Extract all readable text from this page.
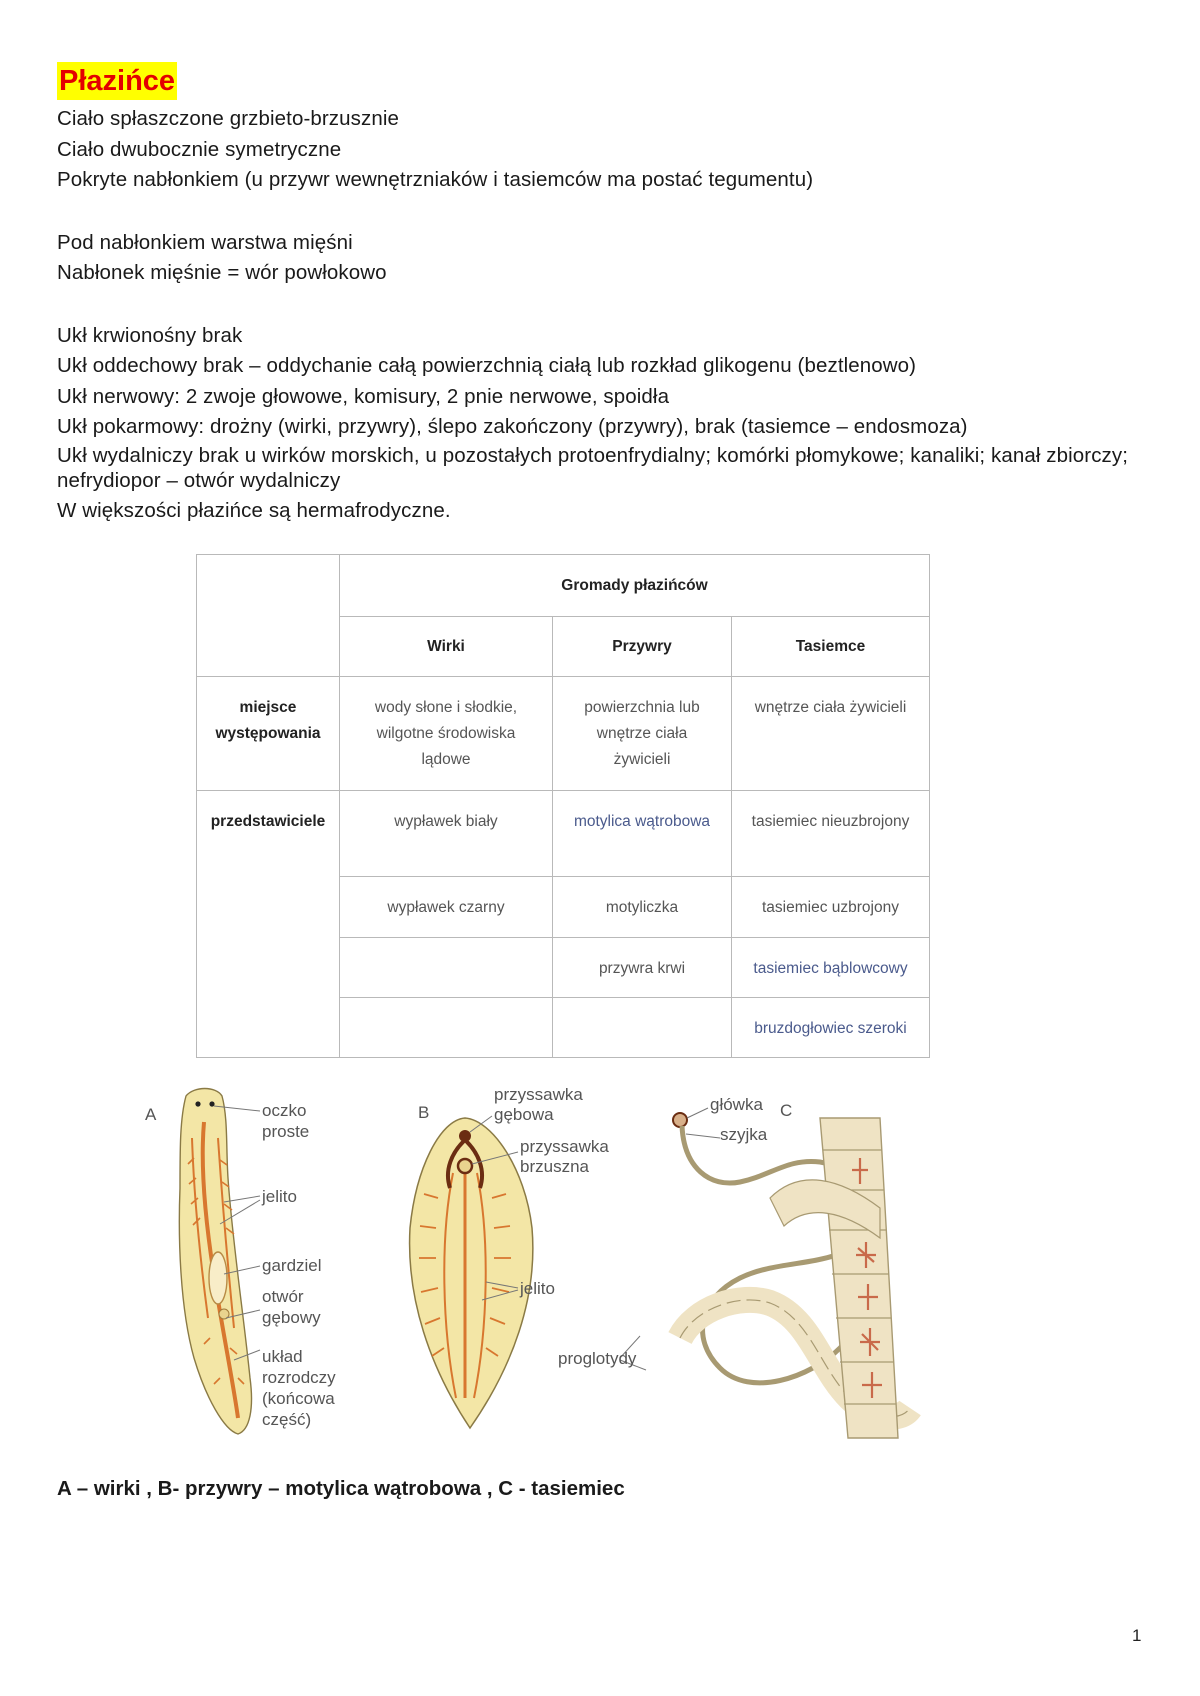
Płazińce

Ciało spłaszczone grzbieto-brzusznie

Ciało dwubocznie symetryczne

Pokryte nabłonkiem (u przywr wewnętrzniaków i tasiemców ma postać tegumentu)

Pod nabłonkiem warstwa mięśni

Nabłonek mięśnie = wór powłokowo

Ukł krwionośny brak

Ukł oddechowy brak – oddychanie całą powierzchnią ciałą lub rozkład glikogenu (beztlenowo)

Ukł nerwowy: 2 zwoje głowowe, komisury, 2 pnie nerwowe, spoidła

Ukł pokarmowy: drożny (wirki, przywry), ślepo zakończony (przywry), brak (tasiemce – endosmoza)

Ukł wydalniczy brak u wirków morskich, u pozostałych protoenfrydialny; komórki płomykowe; kanaliki; kanał zbiorczy; nefrydiopor – otwór wydalniczy

W większości płazińce są hermafrodyczne.

	Gromady płazińców		
	Wirki	Przywry	Tasiemce

miejsce występowania	wody słone i słodkie, wilgotne środowiska lądowe	powierzchnia lub wnętrze ciała żywicieli	wnętrze ciała żywicieli

przedstawiciele	wypławek biały	motylica wątrobowa	tasiemiec nieuzbrojony

	wypławek czarny	motyliczka	tasiemiec uzbrojony

		przywra krwi	tasiemiec bąblowcowy

			bruzdogłowiec szeroki
A	oczko
proste
jelito
gardziel
otwór
gębowy
układ
rozrodczy
(końcowa
część)
B
przyssawka
gębowa
przyssawka
brzuszna
jelito
C
główka
szyjka
proglotydy
A – wirki , B- przywry – motylica wątrobowa , C - tasiemiec
1
